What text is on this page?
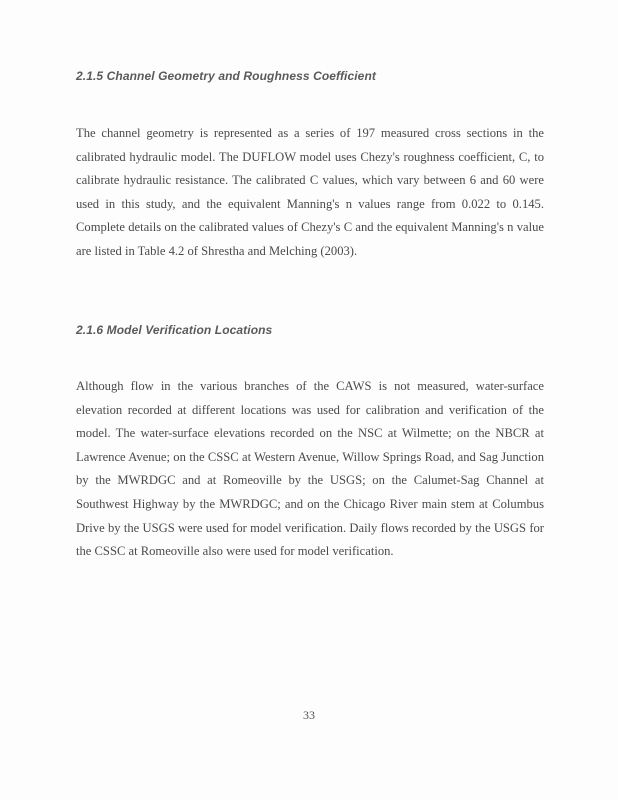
2.1.5 Channel Geometry and Roughness Coefficient
The channel geometry is represented as a series of 197 measured cross sections in the calibrated hydraulic model. The DUFLOW model uses Chezy's roughness coefficient, C, to calibrate hydraulic resistance. The calibrated C values, which vary between 6 and 60 were used in this study, and the equivalent Manning's n values range from 0.022 to 0.145. Complete details on the calibrated values of Chezy's C and the equivalent Manning's n value are listed in Table 4.2 of Shrestha and Melching (2003).
2.1.6 Model Verification Locations
Although flow in the various branches of the CAWS is not measured, water-surface elevation recorded at different locations was used for calibration and verification of the model. The water-surface elevations recorded on the NSC at Wilmette; on the NBCR at Lawrence Avenue; on the CSSC at Western Avenue, Willow Springs Road, and Sag Junction by the MWRDGC and at Romeoville by the USGS; on the Calumet-Sag Channel at Southwest Highway by the MWRDGC; and on the Chicago River main stem at Columbus Drive by the USGS were used for model verification. Daily flows recorded by the USGS for the CSSC at Romeoville also were used for model verification.
33
